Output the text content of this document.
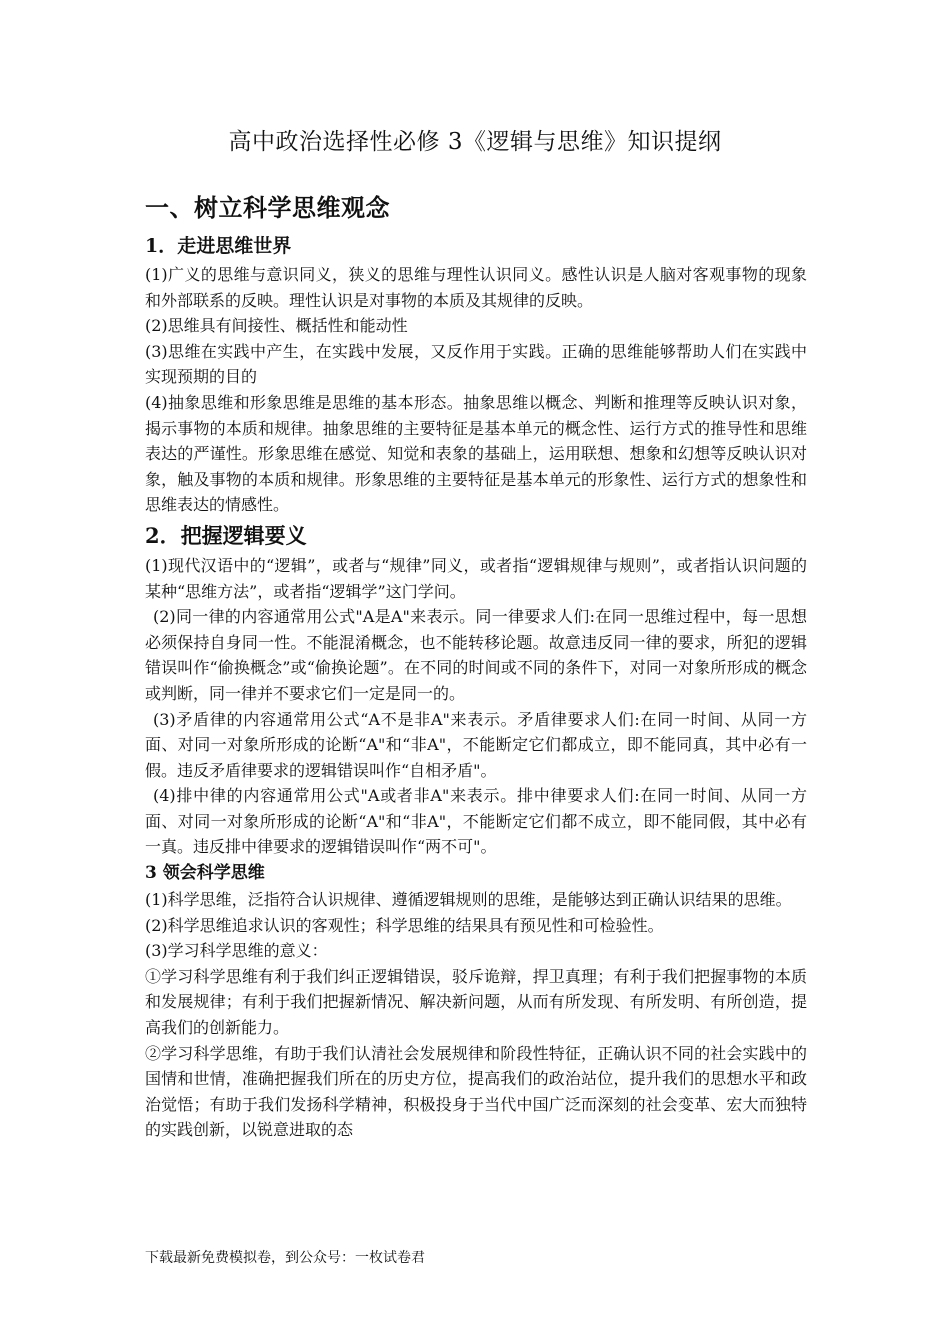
高中政治选择性必修 3《逻辑与思维》知识提纲
一、树立科学思维观念
1．走进思维世界

(1)广义的思维与意识同义，狭义的思维与理性认识同义。感性认识是人脑对客观事物的现象和外部联系的反映。理性认识是对事物的本质及其规律的反映。

(2)思维具有间接性、概括性和能动性

(3)思维在实践中产生，在实践中发展，又反作用于实践。正确的思维能够帮助人们在实践中实现预期的目的

(4)抽象思维和形象思维是思维的基本形态。抽象思维以概念、判断和推理等反映认识对象，揭示事物的本质和规律。抽象思维的主要特征是基本单元的概念性、运行方式的推导性和思维表达的严谨性。形象思维在感觉、知觉和表象的基础上，运用联想、想象和幻想等反映认识对象，触及事物的本质和规律。形象思维的主要特征是基本单元的形象性、运行方式的想象性和思维表达的情感性。

2．把握逻辑要义

(1)现代汉语中的“逻辑”，或者与“规律”同义，或者指“逻辑规律与规则”，或者指认识问题的某种“思维方法”，或者指“逻辑学”这门学问。

(2)同一律的内容通常用公式"A是A"来表示。同一律要求人们:在同一思维过程中，每一思想必须保持自身同一性。不能混淆概念，也不能转移论题。故意违反同一律的要求，所犯的逻辑错误叫作“偷换概念”或“偷换论题”。在不同的时间或不同的条件下，对同一对象所形成的概念或判断，同一律并不要求它们一定是同一的。

(3)矛盾律的内容通常用公式“A不是非A"来表示。矛盾律要求人们:在同一时间、从同一方面、对同一对象所形成的论断“A"和“非A"，不能断定它们都成立，即不能同真，其中必有一假。违反矛盾律要求的逻辑错误叫作“自相矛盾"。

(4)排中律的内容通常用公式"A或者非A"来表示。排中律要求人们:在同一时间、从同一方面、对同一对象所形成的论断“A"和“非A"，不能断定它们都不成立，即不能同假，其中必有一真。违反排中律要求的逻辑错误叫作“两不可"。

3 领会科学思维

(1)科学思维，泛指符合认识规律、遵循逻辑规则的思维，是能够达到正确认识结果的思维。

(2)科学思维追求认识的客观性；科学思维的结果具有预见性和可检验性。

(3)学习科学思维的意义：

①学习科学思维有利于我们纠正逻辑错误，驳斥诡辩，捍卫真理；有利于我们把握事物的本质和发展规律；有利于我们把握新情况、解决新问题，从而有所发现、有所发明、有所创造，提高我们的创新能力。

②学习科学思维，有助于我们认清社会发展规律和阶段性特征，正确认识不同的社会实践中的国情和世情，准确把握我们所在的历史方位，提高我们的政治站位，提升我们的思想水平和政治觉悟；有助于我们发扬科学精神，积极投身于当代中国广泛而深刻的社会变革、宏大而独特的实践创新，以锐意进取的态

下载最新免费模拟卷，到公众号：一枚试卷君
